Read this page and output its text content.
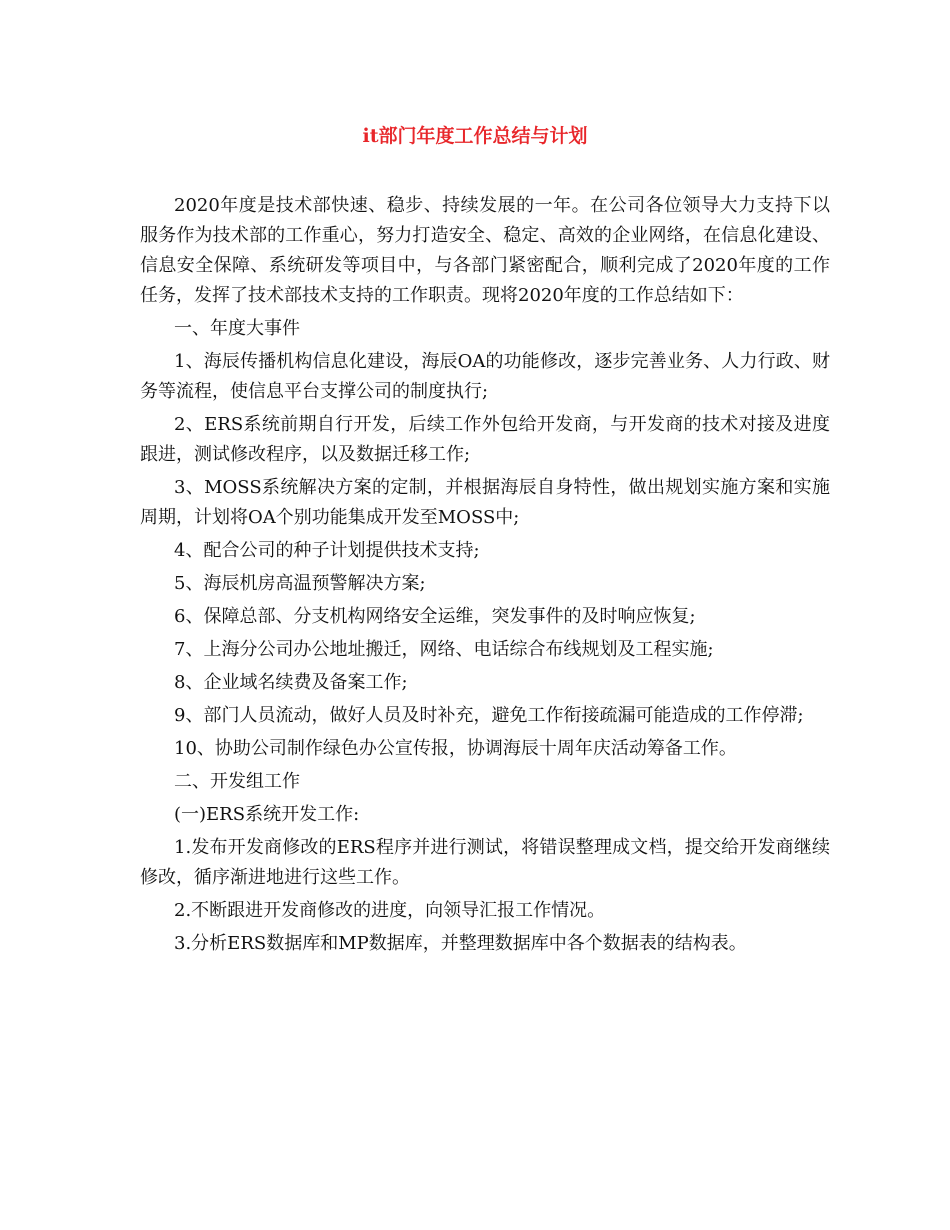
it部门年度工作总结与计划

2020年度是技术部快速、稳步、持续发展的一年。在公司各位领导大力支持下以服务作为技术部的工作重心，努力打造安全、稳定、高效的企业网络，在信息化建设、信息安全保障、系统研发等项目中，与各部门紧密配合，顺利完成了2020年度的工作任务，发挥了技术部技术支持的工作职责。现将2020年度的工作总结如下：

一、年度大事件

1、海辰传播机构信息化建设，海辰OA的功能修改，逐步完善业务、人力行政、财务等流程，使信息平台支撑公司的制度执行;

2、ERS系统前期自行开发，后续工作外包给开发商，与开发商的技术对接及进度跟进，测试修改程序，以及数据迁移工作;

3、MOSS系统解决方案的定制，并根据海辰自身特性，做出规划实施方案和实施周期，计划将OA个别功能集成开发至MOSS中;

4、配合公司的种子计划提供技术支持;

5、海辰机房高温预警解决方案;

6、保障总部、分支机构网络安全运维，突发事件的及时响应恢复;

7、上海分公司办公地址搬迁，网络、电话综合布线规划及工程实施;

8、企业域名续费及备案工作;

9、部门人员流动，做好人员及时补充，避免工作衔接疏漏可能造成的工作停滞;

10、协助公司制作绿色办公宣传报，协调海辰十周年庆活动筹备工作。

二、开发组工作

(一)ERS系统开发工作:

1.发布开发商修改的ERS程序并进行测试，将错误整理成文档，提交给开发商继续修改，循序渐进地进行这些工作。

2.不断跟进开发商修改的进度，向领导汇报工作情况。

3.分析ERS数据库和MP数据库，并整理数据库中各个数据表的结构表。
